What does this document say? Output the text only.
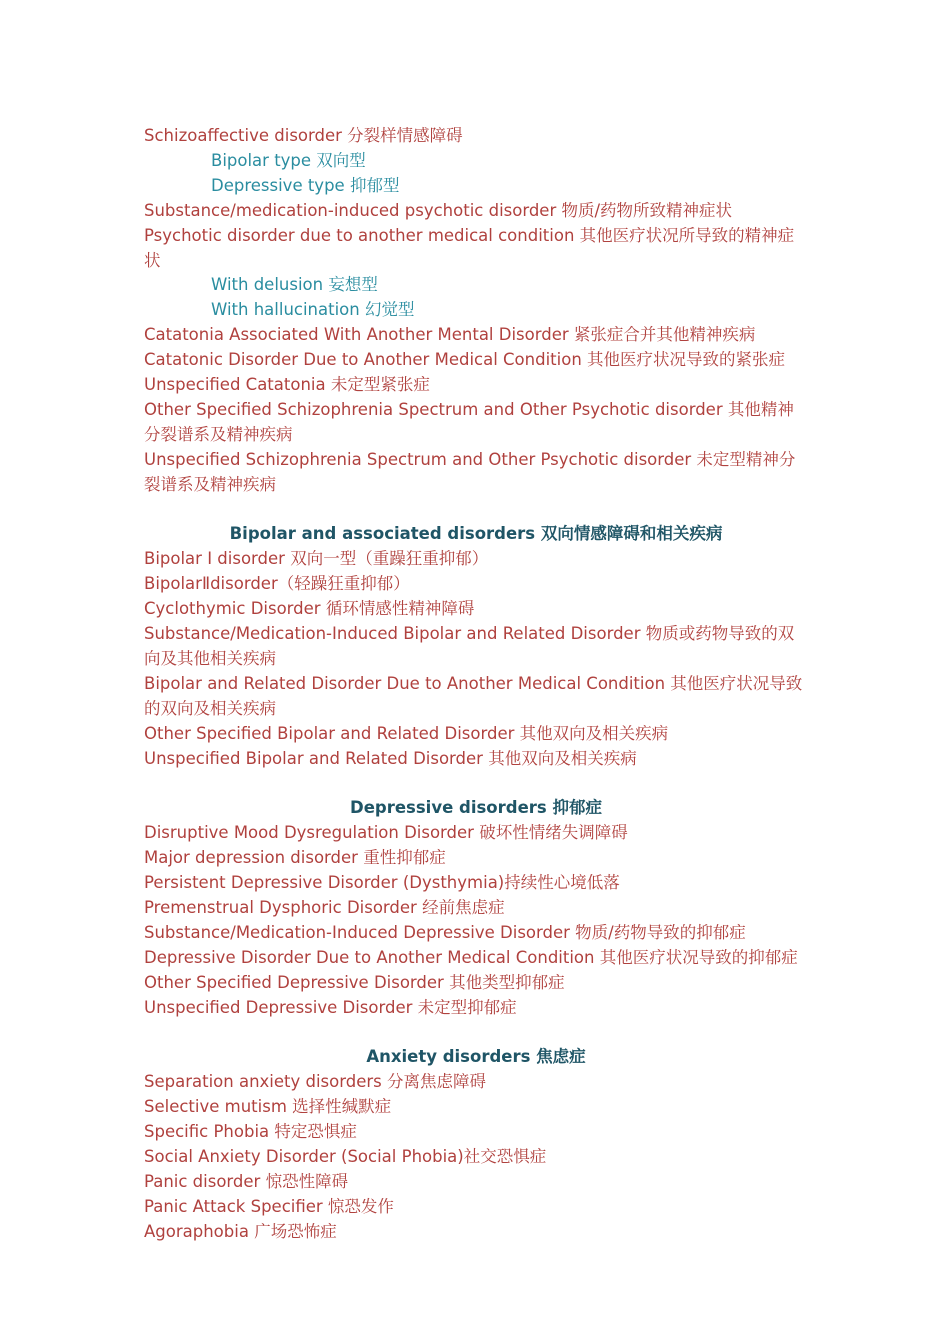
Schizoaffective disorder 分裂样情感障碍
Bipolar type 双向型
Depressive type 抑郁型
Substance/medication-induced psychotic disorder 物质/药物所致精神症状
Psychotic disorder due to another medical condition 其他医疗状况所导致的精神症状
With delusion 妄想型
With hallucination 幻觉型
Catatonia Associated With Another Mental Disorder 紧张症合并其他精神疾病
Catatonic Disorder Due to Another Medical Condition 其他医疗状况导致的紧张症
Unspecified Catatonia 未定型紧张症
Other Specified Schizophrenia Spectrum and Other Psychotic disorder 其他精神分裂谱系及精神疾病
Unspecified Schizophrenia Spectrum and Other Psychotic disorder 未定型精神分裂谱系及精神疾病
Bipolar and associated disorders 双向情感障碍和相关疾病
Bipolar I disorder 双向一型（重躁狂重抑郁）
BipolarⅡdisorder（轻躁狂重抑郁）
Cyclothymic Disorder 循环情感性精神障碍
Substance/Medication-Induced Bipolar and Related Disorder 物质或药物导致的双向及其他相关疾病
Bipolar and Related Disorder Due to Another Medical Condition 其他医疗状况导致的双向及相关疾病
Other Specified Bipolar and Related Disorder 其他双向及相关疾病
Unspecified Bipolar and Related Disorder 其他双向及相关疾病
Depressive disorders 抑郁症
Disruptive Mood Dysregulation Disorder 破坏性情绪失调障碍
Major depression disorder 重性抑郁症
Persistent Depressive Disorder (Dysthymia)持续性心境低落
Premenstrual Dysphoric Disorder 经前焦虑症
Substance/Medication-Induced Depressive Disorder 物质/药物导致的抑郁症
Depressive Disorder Due to Another Medical Condition 其他医疗状况导致的抑郁症
Other Specified Depressive Disorder 其他类型抑郁症
Unspecified Depressive Disorder 未定型抑郁症
Anxiety disorders 焦虑症
Separation anxiety disorders 分离焦虑障碍
Selective mutism 选择性缄默症
Specific Phobia 特定恐惧症
Social Anxiety Disorder (Social Phobia)社交恐惧症
Panic disorder 惊恐性障碍
Panic Attack Specifier 惊恐发作
Agoraphobia 广场恐怖症
